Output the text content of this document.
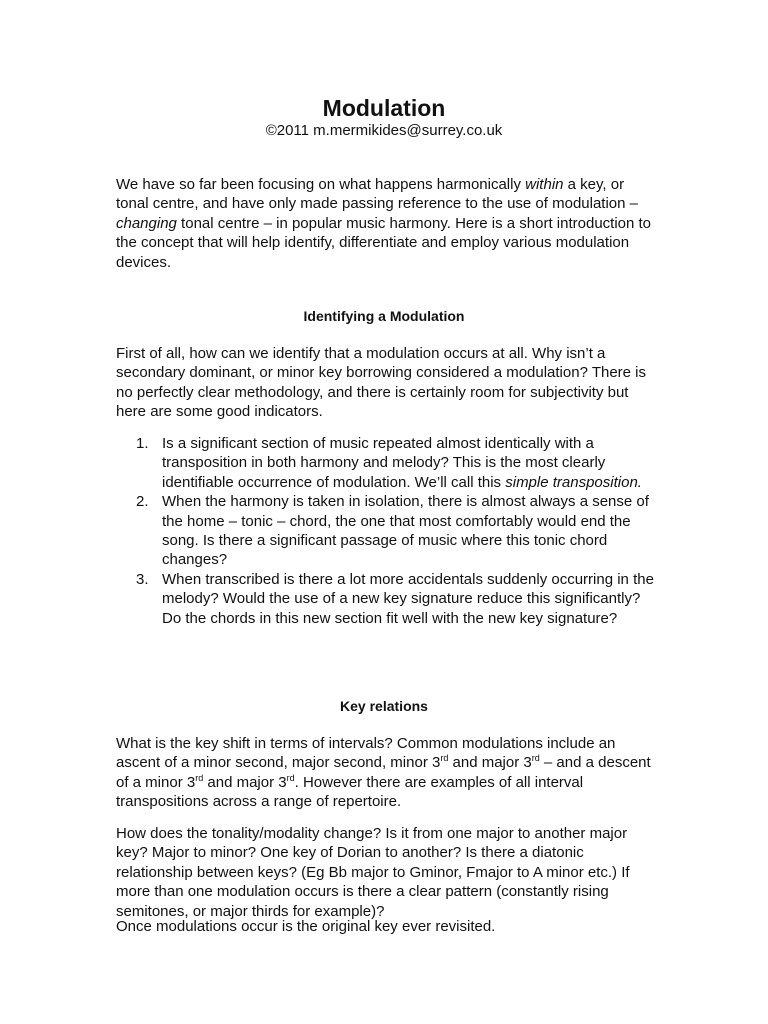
Modulation

©2011 m.mermikides@surrey.co.uk

We have so far been focusing on what happens harmonically within a key, or tonal centre, and have only made passing reference to the use of modulation – changing tonal centre – in popular music harmony. Here is a short introduction to the concept that will help identify, differentiate and employ various modulation devices.

Identifying a Modulation

First of all, how can we identify that a modulation occurs at all. Why isn’t a secondary dominant, or minor key borrowing considered a modulation? There is no perfectly clear methodology, and there is certainly room for subjectivity but here are some good indicators.

1. Is a significant section of music repeated almost identically with a transposition in both harmony and melody? This is the most clearly identifiable occurrence of modulation. We’ll call this simple transposition.
2. When the harmony is taken in isolation, there is almost always a sense of the home – tonic – chord, the one that most comfortably would end the song. Is there a significant passage of music where this tonic chord changes?
3. When transcribed is there a lot more accidentals suddenly occurring in the melody? Would the use of a new key signature reduce this significantly? Do the chords in this new section fit well with the new key signature?
Key relations

What is the key shift in terms of intervals? Common modulations include an ascent of a minor second, major second, minor 3rd and major 3rd – and a descent of a minor 3rd and major 3rd. However there are examples of all interval transpositions across a range of repertoire.

How does the tonality/modality change? Is it from one major to another major key? Major to minor? One key of Dorian to another? Is there a diatonic relationship between keys? (Eg Bb major to Gminor, Fmajor to A minor etc.) If more than one modulation occurs is there a clear pattern (constantly rising semitones, or major thirds for example)?

Once modulations occur is the original key ever revisited.
